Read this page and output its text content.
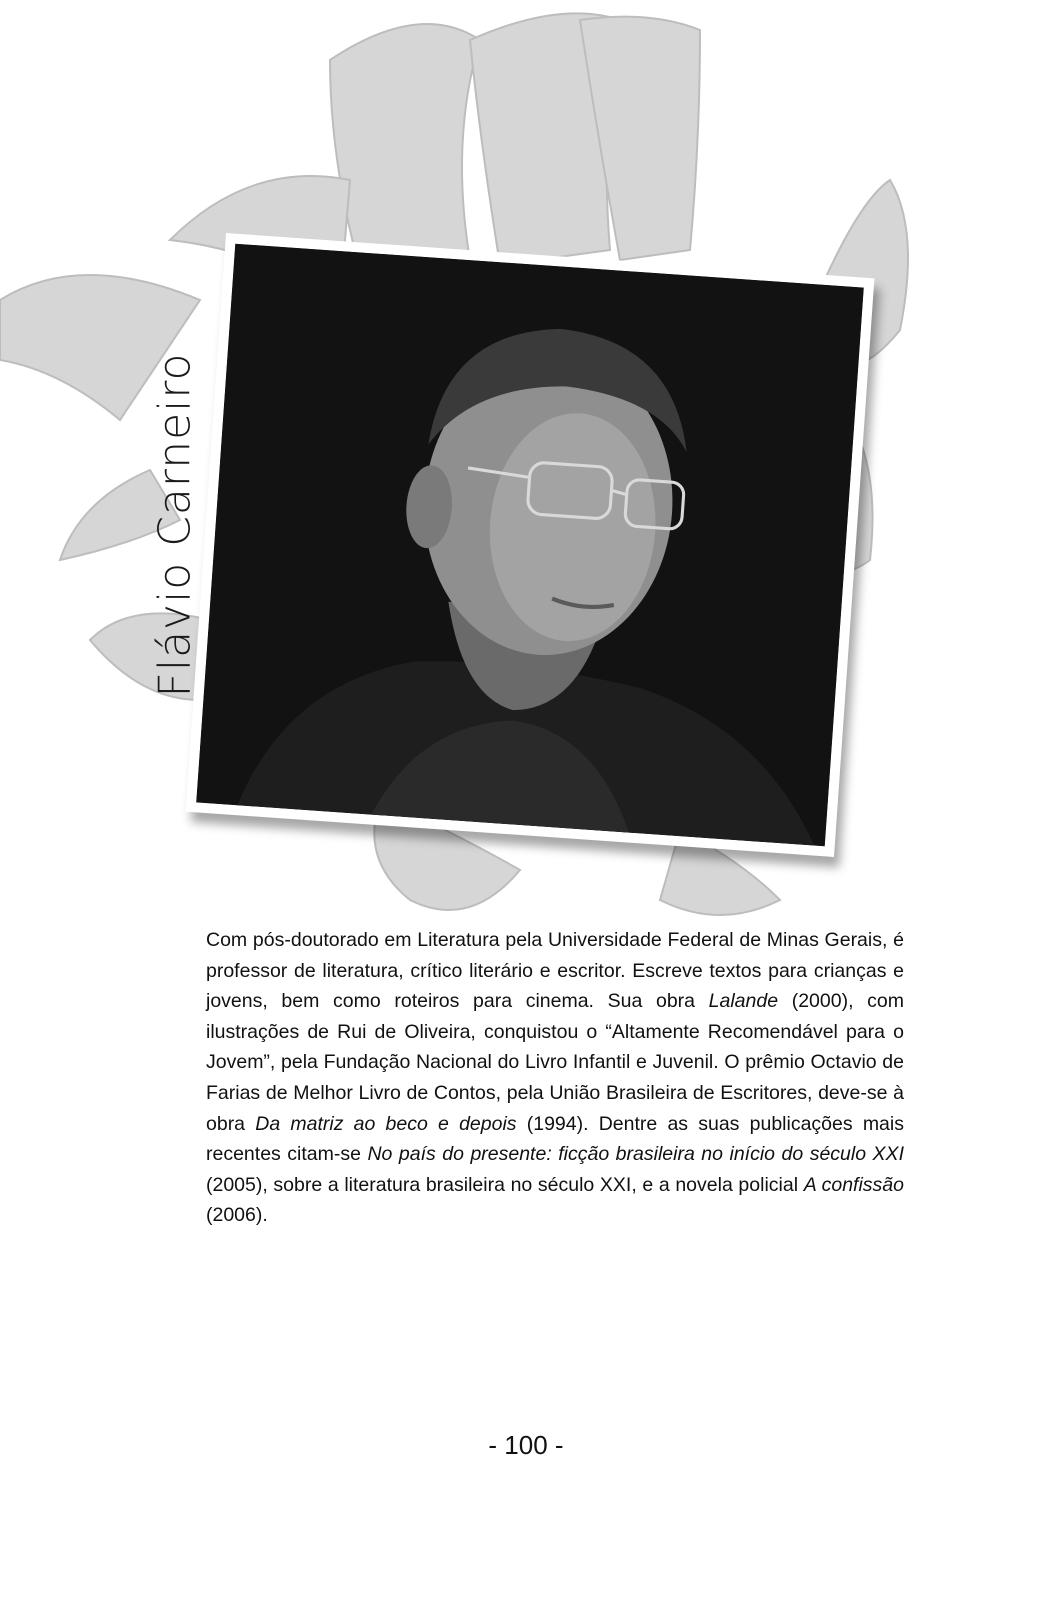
Flávio Carneiro
Com pós-doutorado em Literatura pela Universidade Federal de Minas Gerais, é professor de literatura, crítico literário e escritor. Escreve textos para crianças e jovens, bem como roteiros para cinema. Sua obra Lalande (2000), com ilustrações de Rui de Oliveira, conquistou o “Altamente Recomendável para o Jovem”, pela Fundação Nacional do Livro Infantil e Juvenil. O prêmio Octavio de Farias de Melhor Livro de Contos, pela União Brasileira de Escritores, deve-se à obra Da matriz ao beco e depois (1994). Dentre as suas publicações mais recentes citam-se No país do presente: ficção brasileira no início do século XXI (2005), sobre a literatura brasileira no século XXI, e a novela policial A confissão (2006).
- 100 -
